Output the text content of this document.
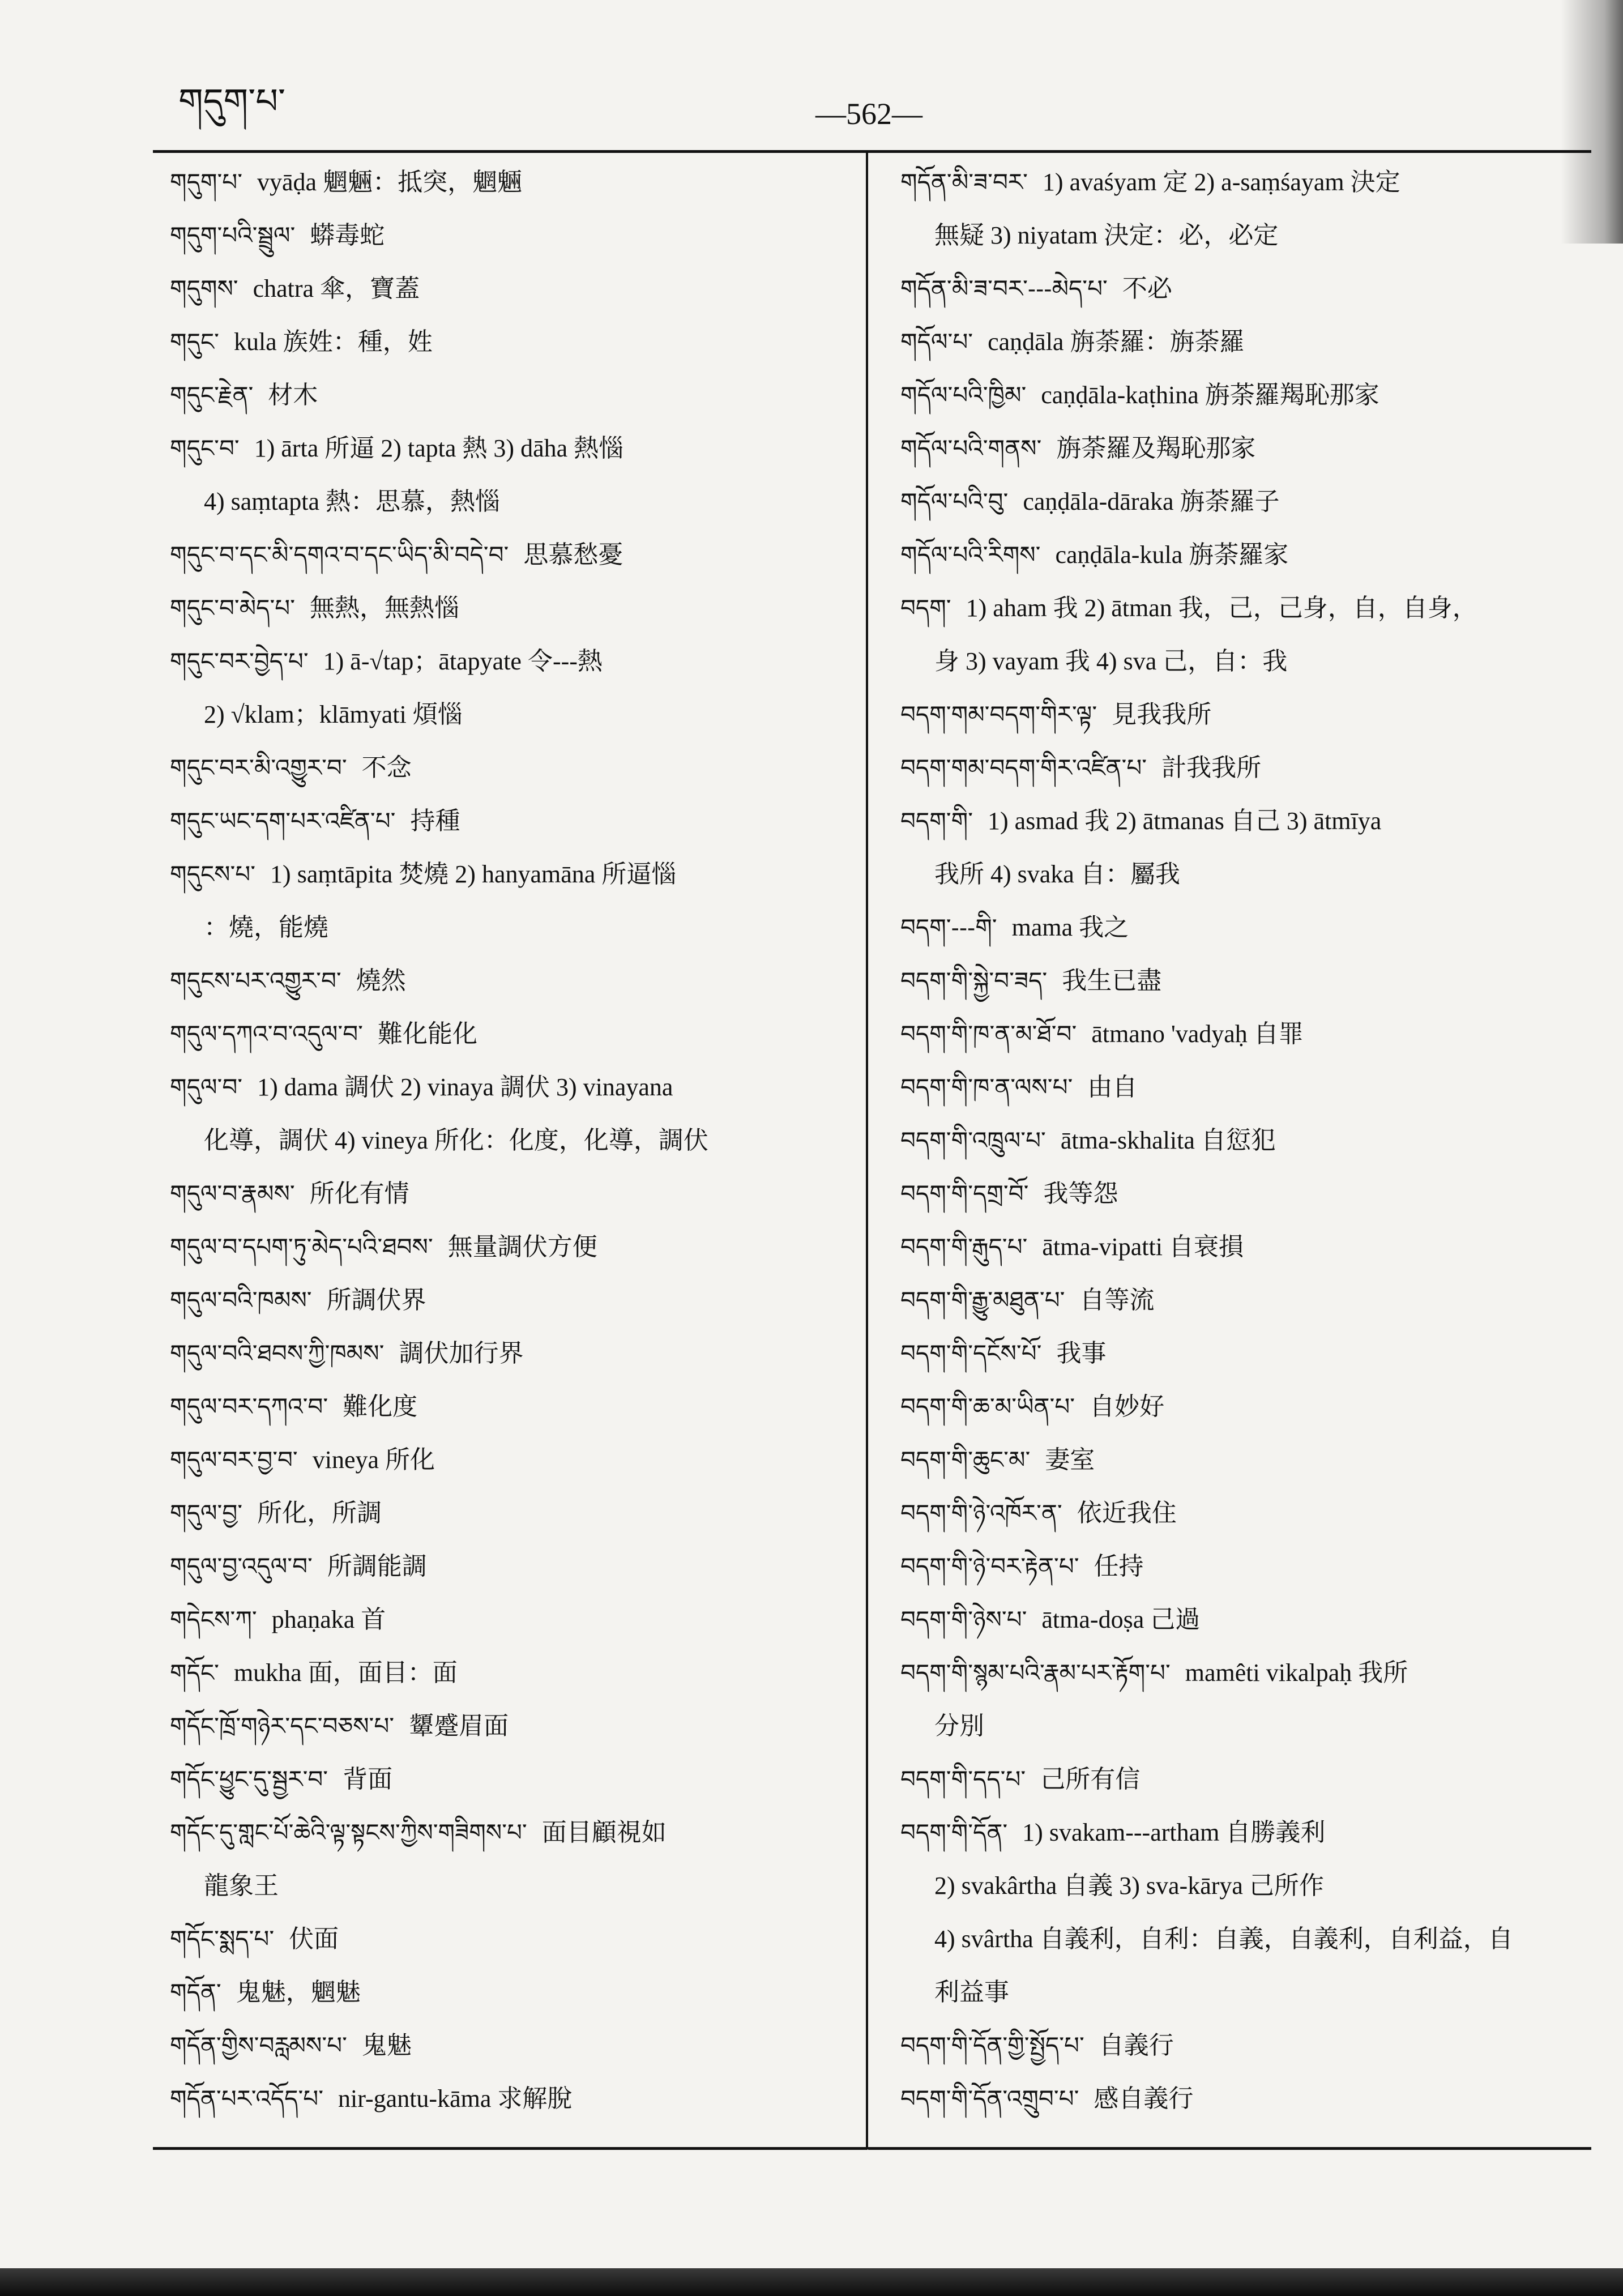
གདུག་པ་	—562—
གདུག་པ་ vyāḍa 魍魎：抵突，魍魎
གདུག་པའི་སྦྲུལ་ 蟒毒蛇
གདུགས་ chatra 傘，寶蓋
གདུང་ kula 族姓：種，姓
གདུང་རྗེན་ 材木
གདུང་བ་ 1) ārta 所逼 2) tapta 熱 3) dāha 熱惱
4) saṃtapta 熱：思慕，熱惱
གདུང་བ་དང་མི་དགའ་བ་དང་ཡིད་མི་བདེ་བ་ 思慕愁憂
གདུང་བ་མེད་པ་ 無熱，無熱惱
གདུང་བར་བྱེད་པ་ 1) ā-√tap；ātapyate 令---熱
2) √klam；klāmyati 煩惱
གདུང་བར་མི་འགྱུར་བ་ 不念
གདུང་ཡང་དག་པར་འཛིན་པ་ 持種
གདུངས་པ་ 1) saṃtāpita 焚燒 2) hanyamāna 所逼惱
：燒，能燒
གདུངས་པར་འགྱུར་བ་ 燒然
གདུལ་དཀའ་བ་འདུལ་བ་ 難化能化
གདུལ་བ་ 1) dama 調伏 2) vinaya 調伏 3) vinayana
化導，調伏 4) vineya 所化：化度，化導，調伏
གདུལ་བ་རྣམས་ 所化有情
གདུལ་བ་དཔག་ཏུ་མེད་པའི་ཐབས་ 無量調伏方便
གདུལ་བའི་ཁམས་ 所調伏界
གདུལ་བའི་ཐབས་ཀྱི་ཁམས་ 調伏加行界
གདུལ་བར་དཀའ་བ་ 難化度
གདུལ་བར་བྱ་བ་ vineya 所化
གདུལ་བྱ་ 所化，所調
གདུལ་བྱ་འདུལ་བ་ 所調能調
གདེངས་ཀ་ phaṇaka 首
གདོང་ mukha 面，面目：面
གདོང་ཁྲོ་གཉེར་དང་བཅས་པ་ 顰蹙眉面
གདོང་ཕྱུང་དུ་སྦྱར་བ་ 背面
གདོང་དུ་གླང་པོ་ཆེའི་ལྟ་སྟངས་ཀྱིས་གཟིགས་པ་ 面目顧視如
龍象王
གདོང་སྨད་པ་ 伏面
གདོན་ 鬼魅，魍魅
གདོན་གྱིས་བརླམས་པ་ 鬼魅
གདོན་པར་འདོད་པ་ nir-gantu-kāma 求解脫
གདོན་མི་ཟ་བར་ 1) avaśyam 定 2) a-saṃśayam 決定
無疑 3) niyatam 決定：必，必定
གདོན་མི་ཟ་བར་---མེད་པ་ 不必
གདོལ་པ་ caṇḍāla 旃荼羅：旃荼羅
གདོལ་པའི་ཁྱིམ་ caṇḍāla-kaṭhina 旃荼羅羯恥那家
གདོལ་པའི་གནས་ 旃荼羅及羯恥那家
གདོལ་པའི་བུ་ caṇḍāla-dāraka 旃荼羅子
གདོལ་པའི་རིགས་ caṇḍāla-kula 旃荼羅家
བདག་ 1) aham 我 2) ātman 我，己，己身，自，自身，
身 3) vayam 我 4) sva 己，自：我
བདག་གམ་བདག་གིར་ལྟ་ 見我我所
བདག་གམ་བདག་གིར་འཛིན་པ་ 計我我所
བདག་གི་ 1) asmad 我 2) ātmanas 自己 3) ātmīya
我所 4) svaka 自：屬我
བདག་---གི་ mama 我之
བདག་གི་སྐྱེ་བ་ཟད་ 我生已盡
བདག་གི་ཁ་ན་མ་ཐོ་བ་ ātmano 'vadyaḥ 自罪
བདག་གི་ཁ་ན་ལས་པ་ 由自
བདག་གི་འཁྲུལ་པ་ ātma-skhalita 自愆犯
བདག་གི་དགྲ་བོ་ 我等怨
བདག་གི་རྒུད་པ་ ātma-vipatti 自衰損
བདག་གི་རྒྱུ་མཐུན་པ་ 自等流
བདག་གི་དངོས་པོ་ 我事
བདག་གི་ཆ་མ་ཡིན་པ་ 自妙好
བདག་གི་ཆུང་མ་ 妻室
བདག་གི་ཉེ་འཁོར་ན་ 依近我住
བདག་གི་ཉེ་བར་རྟེན་པ་ 任持
བདག་གི་ཉེས་པ་ ātma-doṣa 己過
བདག་གི་སྙམ་པའི་རྣམ་པར་རྟོག་པ་ mamêti vikalpaḥ 我所
分別
བདག་གི་དད་པ་ 己所有信
བདག་གི་དོན་ 1) svakam---artham 自勝義利
2) svakârtha 自義 3) sva-kārya 己所作
4) svârtha 自義利，自利：自義，自義利，自利益，自
利益事
བདག་གི་དོན་གྱི་སྤྱོད་པ་ 自義行
བདག་གི་དོན་འགྲུབ་པ་ 感自義行
